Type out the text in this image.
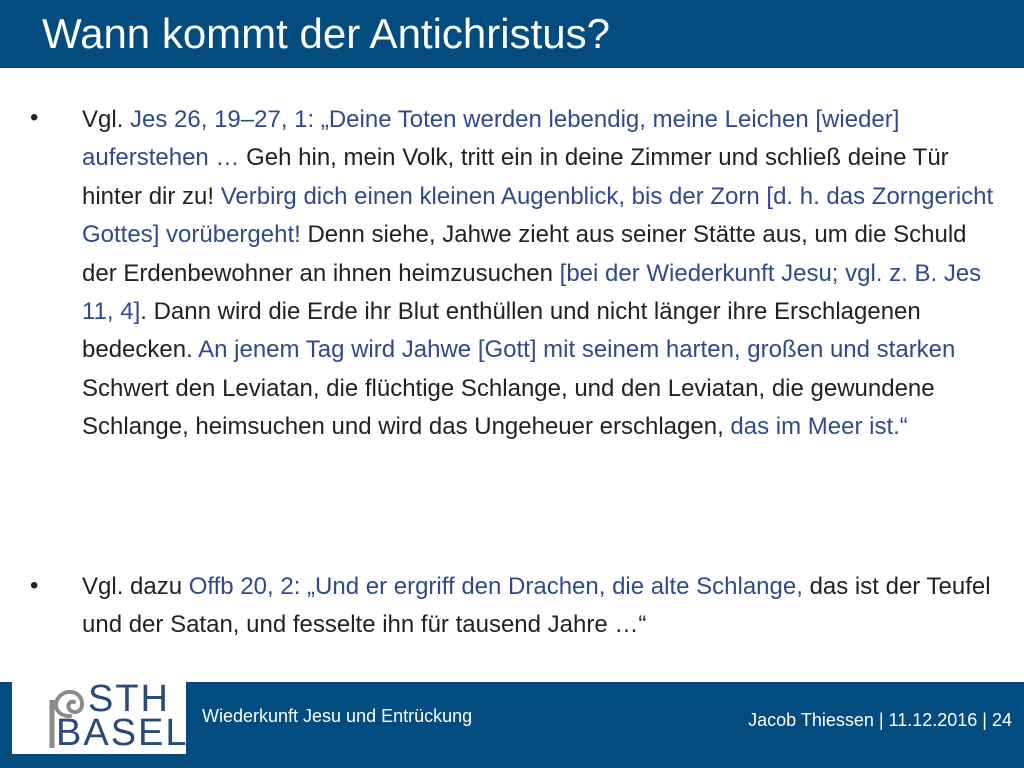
Wann kommt der Antichristus?
• Vgl. Jes 26, 19–27, 1: „Deine Toten werden lebendig, meine Leichen [wieder] auferstehen … Geh hin, mein Volk, tritt ein in deine Zimmer und schließ deine Tür hinter dir zu! Verbirg dich einen kleinen Augenblick, bis der Zorn [d. h. das Zorngericht Gottes] vorübergeht! Denn siehe, Jahwe zieht aus seiner Stätte aus, um die Schuld der Erdenbewohner an ihnen heimzusuchen [bei der Wiederkunft Jesu; vgl. z. B. Jes 11, 4]. Dann wird die Erde ihr Blut enthüllen und nicht länger ihre Erschlagenen bedecken. An jenem Tag wird Jahwe [Gott] mit seinem harten, großen und starken Schwert den Leviatan, die flüchtige Schlange, und den Leviatan, die gewundene Schlange, heimsuchen und wird das Ungeheuer erschlagen, das im Meer ist.“
• Vgl. dazu Offb 20, 2: „Und er ergriff den Drachen, die alte Schlange, das ist der Teufel und der Satan, und fesselte ihn für tausend Jahre …“
STH
BASEL Wiederkunft Jesu und Entrückung	Jacob Thiessen | 11.12.2016 | 24
